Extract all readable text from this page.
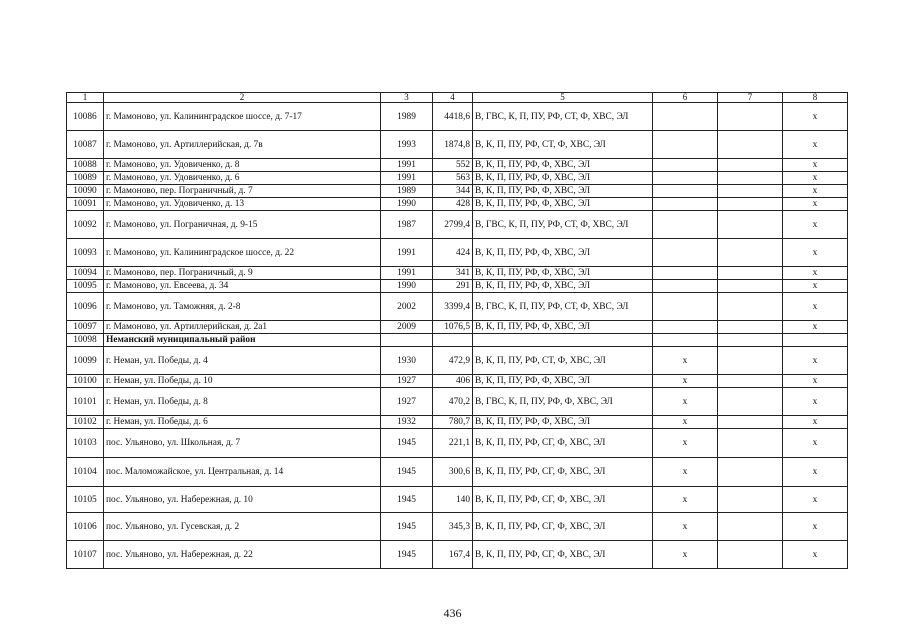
1	2	3	4	5	6	7	8
10086	г. Мамоново, ул. Калининградское шоссе, д. 7-17	1989	4418,6	В, ГВС, К, П, ПУ, РФ, СТ, Ф, ХВС, ЭЛ			x
10087	г. Мамоново, ул. Артиллерийская, д. 7в	1993	1874,8	В, К, П, ПУ, РФ, СТ, Ф, ХВС, ЭЛ			x
10088	г. Мамоново, ул. Удовиченко, д. 8	1991	552	В, К, П, ПУ, РФ, Ф, ХВС, ЭЛ			x
10089	г. Мамоново, ул. Удовиченко, д. 6	1991	563	В, К, П, ПУ, РФ, Ф, ХВС, ЭЛ			x
10090	г. Мамоново, пер. Пограничный, д. 7	1989	344	В, К, П, ПУ, РФ, Ф, ХВС, ЭЛ			x
10091	г. Мамоново, ул. Удовиченко, д. 13	1990	428	В, К, П, ПУ, РФ, Ф, ХВС, ЭЛ			x
10092	г. Мамоново, ул. Пограничная, д. 9-15	1987	2799,4	В, ГВС, К, П, ПУ, РФ, СТ, Ф, ХВС, ЭЛ			x
10093	г. Мамоново, ул. Калининградское шоссе, д. 22	1991	424	В, К, П, ПУ, РФ, Ф, ХВС, ЭЛ			x
10094	г. Мамоново, пер. Пограничный, д. 9	1991	341	В, К, П, ПУ, РФ, Ф, ХВС, ЭЛ			x
10095	г. Мамоново, ул. Евсеева, д. 34	1990	291	В, К, П, ПУ, РФ, Ф, ХВС, ЭЛ			x
10096	г. Мамоново, ул. Таможняя, д. 2-8	2002	3399,4	В, ГВС, К, П, ПУ, РФ, СТ, Ф, ХВС, ЭЛ			x
10097	г. Мамоново, ул. Артиллерийская, д. 2а1	2009	1076,5	В, К, П, ПУ, РФ, Ф, ХВС, ЭЛ			x
10098	Неманский муниципальный район						
10099	г. Неман, ул. Победы, д. 4	1930	472,9	В, К, П, ПУ, РФ, СТ, Ф, ХВС, ЭЛ	x		x
10100	г. Неман, ул. Победы, д. 10	1927	406	В, К, П, ПУ, РФ, Ф, ХВС, ЭЛ	x		x
10101	г. Неман, ул. Победы, д. 8	1927	470,2	В, ГВС, К, П, ПУ, РФ, Ф, ХВС, ЭЛ	x		x
10102	г. Неман, ул. Победы, д. 6	1932	780,7	В, К, П, ПУ, РФ, Ф, ХВС, ЭЛ	x		x
10103	пос. Ульяново, ул. Школьная, д. 7	1945	221,1	В, К, П, ПУ, РФ, СГ, Ф, ХВС, ЭЛ	x		x
10104	пос. Маломожайское, ул. Центральная, д. 14	1945	300,6	В, К, П, ПУ, РФ, СГ, Ф, ХВС, ЭЛ	x		x
10105	пос. Ульяново, ул. Набережная, д. 10	1945	140	В, К, П, ПУ, РФ, СГ, Ф, ХВС, ЭЛ	x		x
10106	пос. Ульяново, ул. Гусевская, д. 2	1945	345,3	В, К, П, ПУ, РФ, СГ, Ф, ХВС, ЭЛ	x		x
10107	пос. Ульяново, ул. Набережная, д. 22	1945	167,4	В, К, П, ПУ, РФ, СГ, Ф, ХВС, ЭЛ	x		x
436
